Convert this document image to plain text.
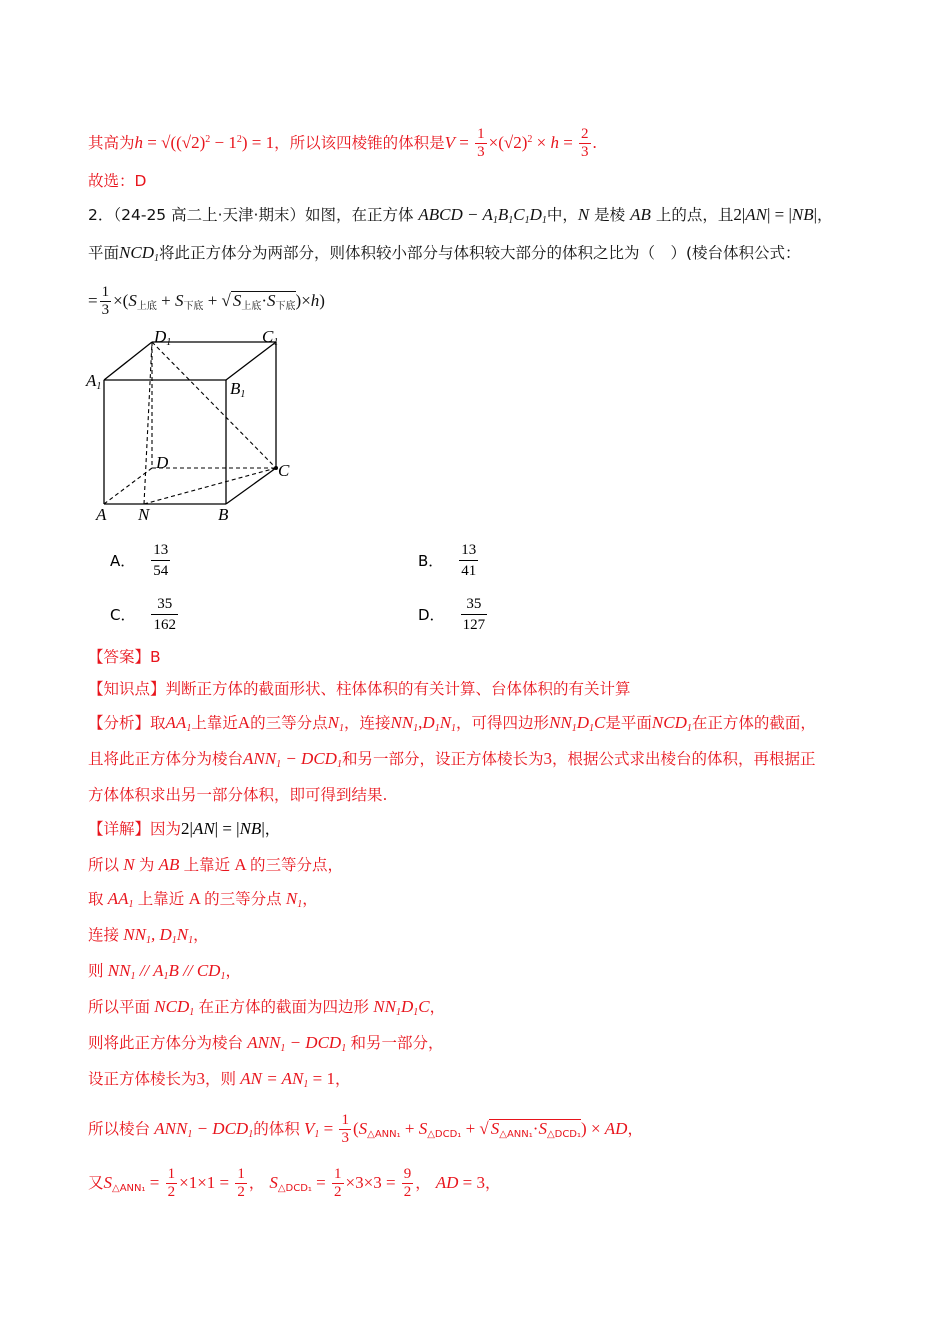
其高为$h = √((√2)^2 - 1^2) = 1$，所以该四棱锥的体积是$V = \frac{1}{3} \times(√2)^2 \times h = \frac{2}{3}$ .
故选：D
2．（24-25 高二上·天津·期末）如图，在正方体 ABCD − $A_1B_1C_1D_1$中，N 是棱 AB 上的点，且2|AN| = |NB|，
平面$NCD_1$将此正方体分为两部分，则体积较小部分与体积较大部分的体积之比为（　）(棱台体积公式：
= $\frac{1}{3} \times(S_{上底} + S_{下底}$ + √ $S_{上底}\cdot S_{下底})\times h$)
D1	C1
A1	B1
D	C
A N	B
A． $\frac{13}{54}$	B． $\frac{13}{41}$
C． $\frac{35}{162}$	D． $\frac{35}{127}$
【答案】B
【知识点】判断正方体的截面形状、柱体体积的有关计算、台体体积的有关计算
【分析】取$AA_1$上靠近A的三等分点$N_1$，连接$NN_1,D_1N_1$，可得四边形$NN_1D_1C$是平面$NCD_1$在正方体的截面，
且将此正方体分为棱台$ANN_1 - DCD_1$和另一部分，设正方体棱长为3，根据公式求出棱台的体积，再根据正
方体体积求出另一部分体积，即可得到结果.
【详解】因为2|AN| = |NB|，
所以 N 为 AB 上靠近 A 的三等分点，
取 $AA_1$ 上靠近 A 的三等分点 $N_1$，
连接 $NN_1$, $D_1N_1$，
则 $NN_1 // A_1B // CD_1$，
所以平面 $NCD_1$ 在正方体的截面为四边形 $NN_1D_1C$，
则将此正方体分为棱台 $ANN_1 - DCD_1$ 和另一部分，
设正方体棱长为3，则 AN = $AN_1 = 1$，
所以棱台 $ANN_1 - DCD_1$的体积 $V_1 = \frac{1}{3} (S_{\triangle ANN_1} + S_{\triangle DCD_1}$ + √ $S_{\triangle ANN_1}\cdot S_{\triangle DCD_1}$) × AD，
又$S_{\triangle ANN_1} = \frac{1}{2} \times 1\times 1 = \frac{1}{2}$ ， $S_{\triangle DCD_1} = \frac{1}{2} \times 3\times 3 = \frac{9}{2}$ ， AD = 3，
